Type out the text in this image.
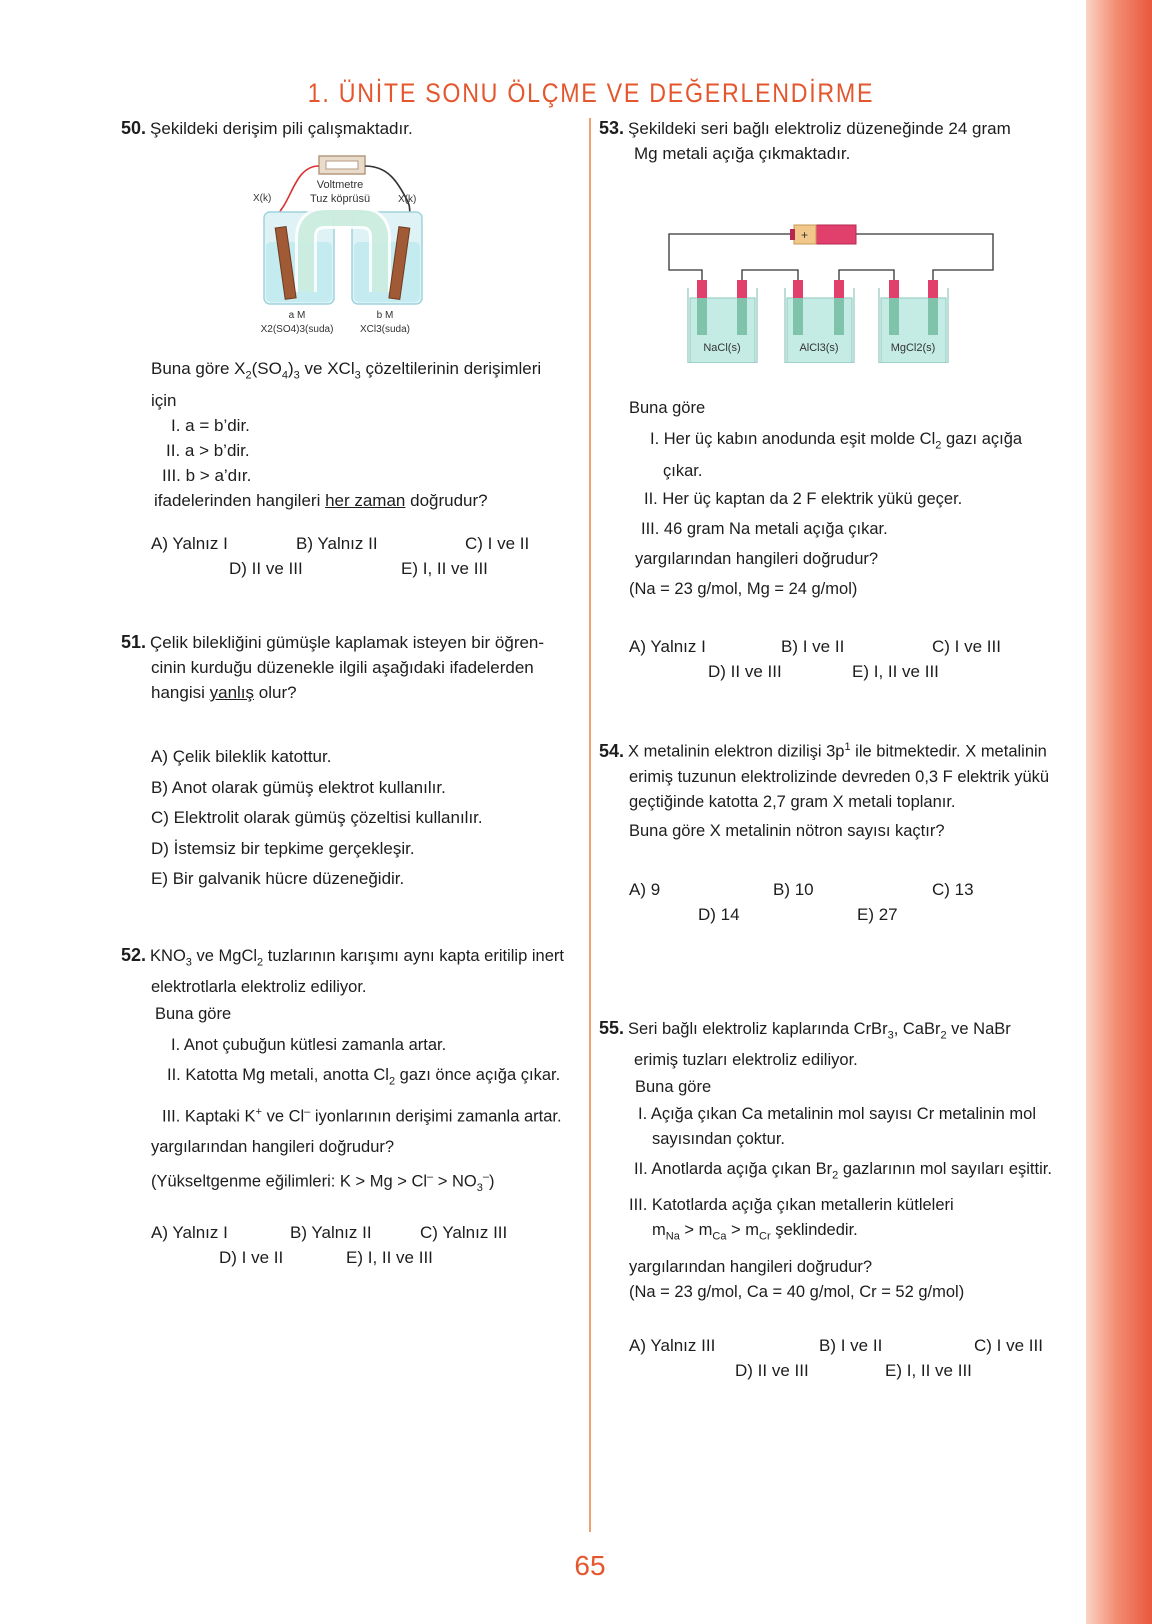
1. ÜNİTE SONU ÖLÇME VE DEĞERLENDİRME
65
50. Şekildeki derişim pili çalışmaktadır.
Voltmetre
Tuz köprüsü
X(k)	X(k)
a M	b M
X2(SO4)3(suda)	XCl3(suda)
Buna göre $X_2(SO_4)_3$ ve XCl$_3$ çözeltilerinin derişimleri
için
I. a = b’dir.
II. a > b’dir.
III. b > a’dır.
ifadelerinden hangileri her zaman doğrudur?
A) Yalnız I	B) Yalnız II	C) I ve II
D) II ve III	E) I, II ve III
51. Çelik bilekliğini gümüşle kaplamak isteyen bir öğren-
cinin kurduğu düzenekle ilgili aşağıdaki ifadelerden
hangisi yanlış olur?
A) Çelik bileklik katottur.
B) Anot olarak gümüş elektrot kullanılır.
C) Elektrolit olarak gümüş çözeltisi kullanılır.
D) İstemsiz bir tepkime gerçekleşir.
E) Bir galvanik hücre düzeneğidir.
52. $KNO_3$ ve MgCl$_2$ tuzlarının karışımı aynı kapta eritilip inert
elektrotlarla elektroliz ediliyor.
Buna göre
I. Anot çubuğun kütlesi zamanla artar.
II. Katotta Mg metali, anotta $Cl_2$ gazı önce açığa çıkar.
III. Kaptaki K+ ve Cl– iyonlarının derişimi zamanla artar.
yargılarından hangileri doğrudur?
(Yükseltgenme eğilimleri: $K > Mg > Cl^- > NO_3^-$)
A) Yalnız I	B) Yalnız II	C) Yalnız III
D) I ve II	E) I, II ve III
53. Şekildeki seri bağlı elektroliz düzeneğinde 24 gram
Mg metali açığa çıkmaktadır.
+
NaCl(s)	AlCl3(s)	MgCl2(s)
Buna göre
I. Her üç kabın anodunda eşit molde $Cl_2$ gazı açığa
çıkar.
II. Her üç kaptan da 2 F elektrik yükü geçer.
III. 46 gram Na metali açığa çıkar.
yargılarından hangileri doğrudur?
(Na = 23 g/mol, Mg = 24 g/mol)
A) Yalnız I	B) I ve II	C) I ve III
D) II ve III	E) I, II ve III
54. X metalinin elektron dizilişi $3p^1$ ile bitmektedir. X metalinin
erimiş tuzunun elektrolizinde devreden 0,3 F elektrik yükü
geçtiğinde katotta 2,7 gram X metali toplanır.
Buna göre X metalinin nötron sayısı kaçtır?
A) 9	B) 10	C) 13
D) 14	E) 27
55. Seri bağlı elektroliz kaplarında CrBr$_3$, CaBr$_2$ ve NaBr
erimiş tuzları elektroliz ediliyor.
Buna göre
I. Açığa çıkan Ca metalinin mol sayısı Cr metalinin mol
sayısından çoktur.
II. Anotlarda açığa çıkan $Br_2$ gazlarının mol sayıları eşittir.
III. Katotlarda açığa çıkan metallerin kütleleri
$m_{Na} > m_{Ca} > m_{Cr}$ şeklindedir.
yargılarından hangileri doğrudur?
(Na = 23 g/mol, Ca = 40 g/mol, Cr = 52 g/mol)
A) Yalnız III	B) I ve II	C) I ve III
D) II ve III	E) I, II ve III
